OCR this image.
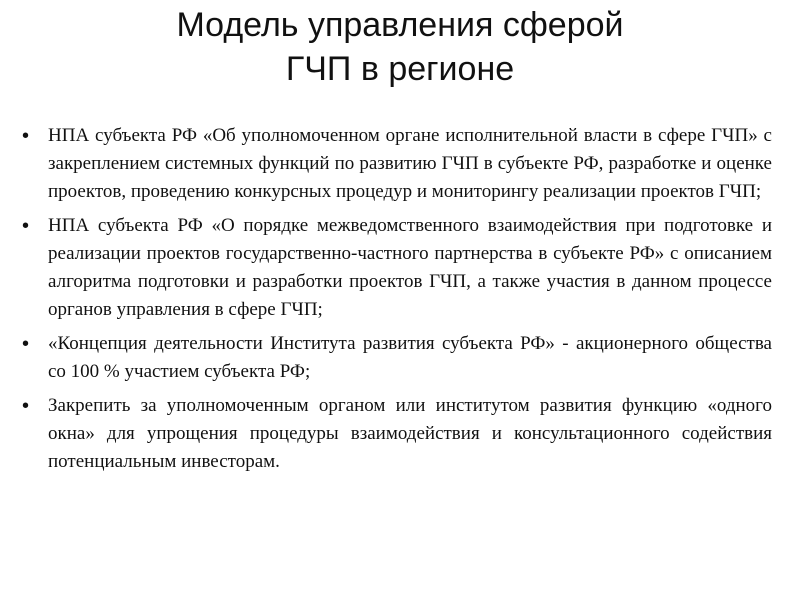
Модель управления сферой
ГЧП в регионе
• НПА субъекта РФ «Об уполномоченном органе исполнительной власти в сфере ГЧП» с закреплением системных функций по развитию ГЧП в субъекте РФ, разработке и оценке проектов, проведению конкурсных процедур и мониторингу реализации проектов ГЧП;
• НПА субъекта РФ «О порядке межведомственного взаимодействия при подготовке и реализации проектов государственно-частного партнерства в субъекте РФ» с описанием алгоритма подготовки и разработки проектов ГЧП, а также участия в данном процессе органов управления в сфере ГЧП;
• «Концепция деятельности Института развития субъекта РФ» - акционерного общества со 100 % участием субъекта РФ;
• Закрепить за уполномоченным органом или институтом развития функцию «одного окна» для упрощения процедуры взаимодействия и консультационного содействия потенциальным инвесторам.
